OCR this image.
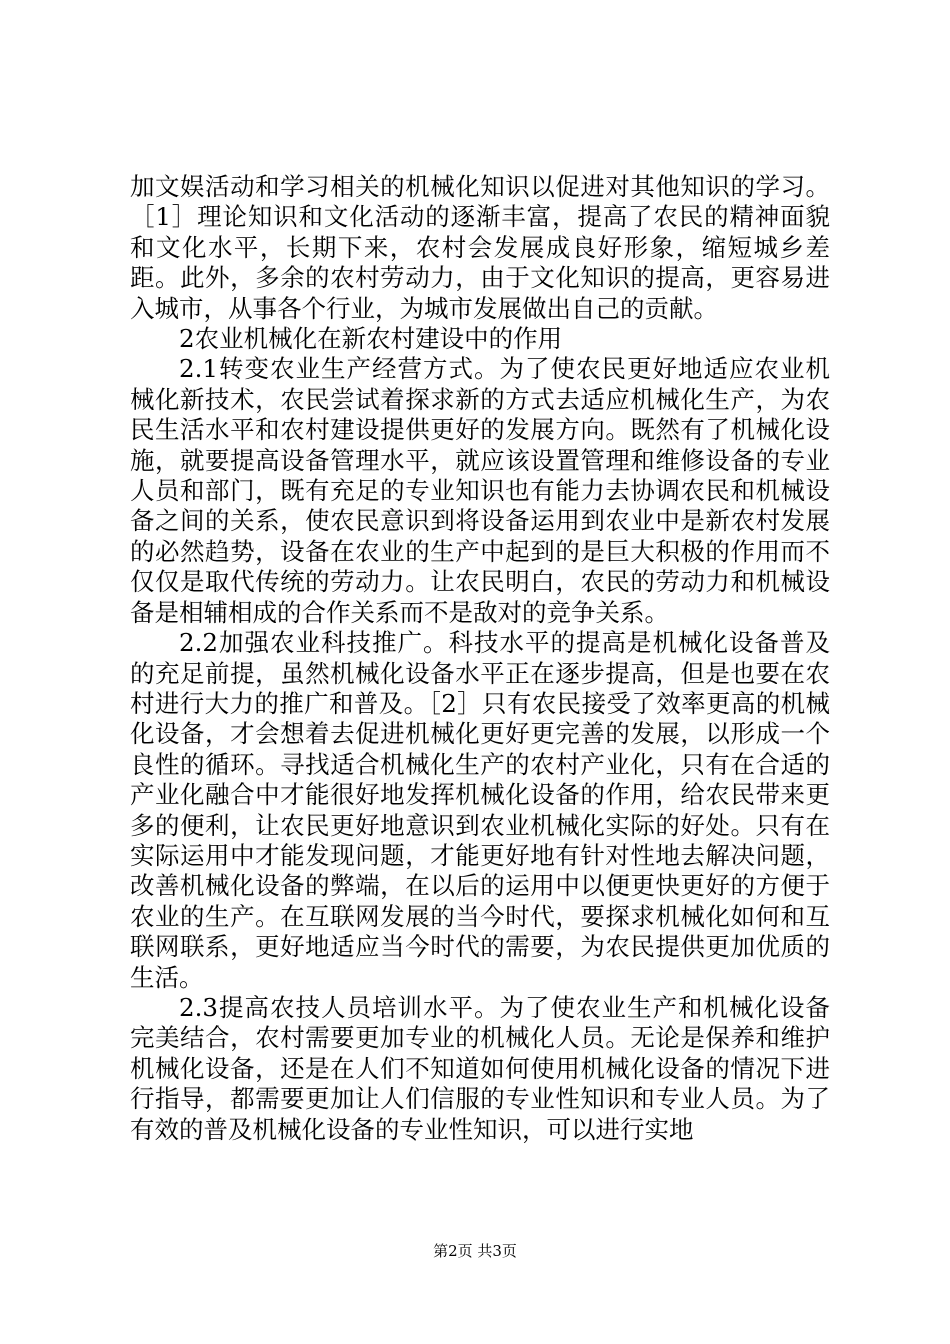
加文娱活动和学习相关的机械化知识以促进对其他知识的学习。［1］理论知识和文化活动的逐渐丰富，提高了农民的精神面貌和文化水平，长期下来，农村会发展成良好形象，缩短城乡差距。此外，多余的农村劳动力，由于文化知识的提高，更容易进入城市，从事各个行业，为城市发展做出自己的贡献。

2农业机械化在新农村建设中的作用

2.1转变农业生产经营方式。为了使农民更好地适应农业机械化新技术，农民尝试着探求新的方式去适应机械化生产，为农民生活水平和农村建设提供更好的发展方向。既然有了机械化设施，就要提高设备管理水平，就应该设置管理和维修设备的专业人员和部门，既有充足的专业知识也有能力去协调农民和机械设备之间的关系，使农民意识到将设备运用到农业中是新农村发展的必然趋势，设备在农业的生产中起到的是巨大积极的作用而不仅仅是取代传统的劳动力。让农民明白，农民的劳动力和机械设备是相辅相成的合作关系而不是敌对的竞争关系。

2.2加强农业科技推广。科技水平的提高是机械化设备普及的充足前提，虽然机械化设备水平正在逐步提高，但是也要在农村进行大力的推广和普及。［2］只有农民接受了效率更高的机械化设备，才会想着去促进机械化更好更完善的发展，以形成一个良性的循环。寻找适合机械化生产的农村产业化，只有在合适的产业化融合中才能很好地发挥机械化设备的作用，给农民带来更多的便利，让农民更好地意识到农业机械化实际的好处。只有在实际运用中才能发现问题，才能更好地有针对性地去解决问题，改善机械化设备的弊端，在以后的运用中以便更快更好的方便于农业的生产。在互联网发展的当今时代，要探求机械化如何和互联网联系，更好地适应当今时代的需要，为农民提供更加优质的生活。

2.3提高农技人员培训水平。为了使农业生产和机械化设备完美结合，农村需要更加专业的机械化人员。无论是保养和维护机械化设备，还是在人们不知道如何使用机械化设备的情况下进行指导，都需要更加让人们信服的专业性知识和专业人员。为了有效的普及机械化设备的专业性知识，可以进行实地

第2页 共3页
